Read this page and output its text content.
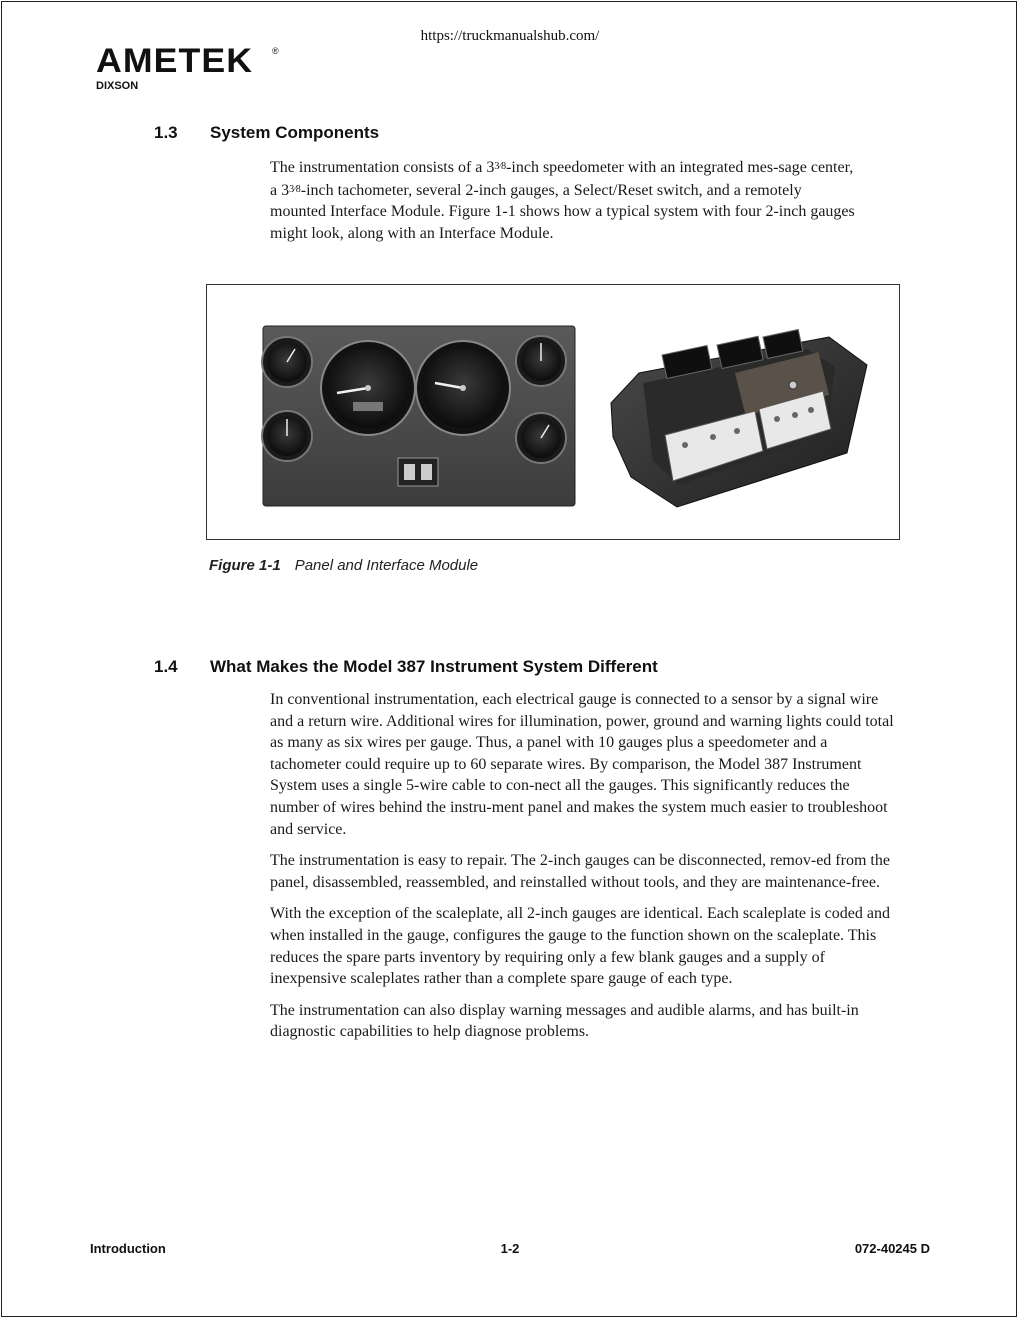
https://truckmanualshub.com/
AMETEK ®
DIXSON
1.3 System Components

The instrumentation consists of a 33⁄8-inch speedometer with an integrated mes-sage center, a 33⁄8-inch tachometer, several 2-inch gauges, a Select/Reset switch, and a remotely mounted Interface Module. Figure 1-1 shows how a typical system with four 2-inch gauges might look, along with an Interface Module.

Figure 1-1 Panel and Interface Module
1.4 What Makes the Model 387 Instrument System Different

In conventional instrumentation, each electrical gauge is connected to a sensor by a signal wire and a return wire. Additional wires for illumination, power, ground and warning lights could total as many as six wires per gauge. Thus, a panel with 10 gauges plus a speedometer and a tachometer could require up to 60 separate wires. By comparison, the Model 387 Instrument System uses a single 5-wire cable to con-nect all the gauges. This significantly reduces the number of wires behind the instru-ment panel and makes the system much easier to troubleshoot and service.

The instrumentation is easy to repair. The 2-inch gauges can be disconnected, remov-ed from the panel, disassembled, reassembled, and reinstalled without tools, and they are maintenance-free.

With the exception of the scaleplate, all 2-inch gauges are identical. Each scaleplate is coded and when installed in the gauge, configures the gauge to the function shown on the scaleplate. This reduces the spare parts inventory by requiring only a few blank gauges and a supply of inexpensive scaleplates rather than a complete spare gauge of each type.

The instrumentation can also display warning messages and audible alarms, and has built-in diagnostic capabilities to help diagnose problems.

Introduction	1-2	072-40245 D
